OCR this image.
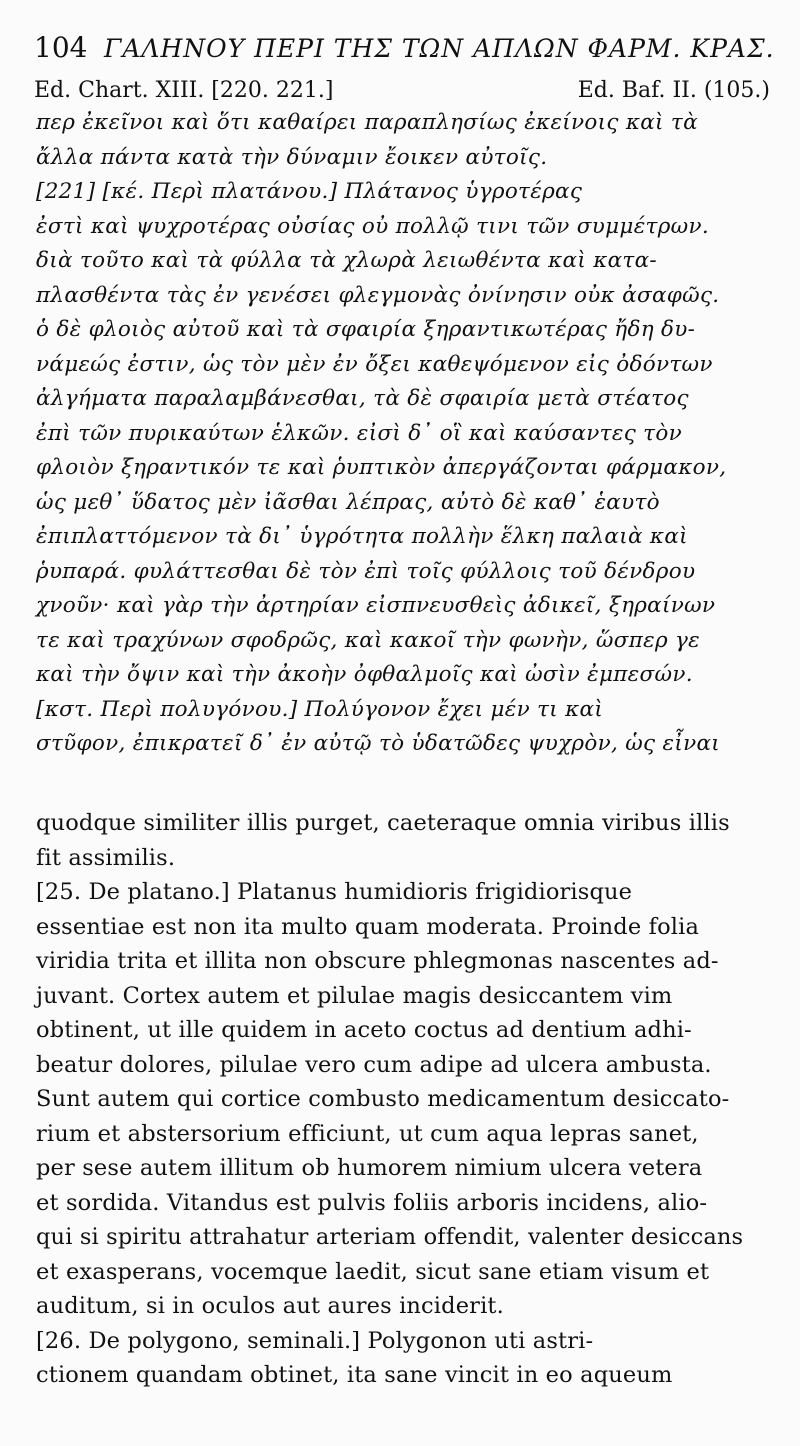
104 ΓΑΛΗΝΟΥ ΠΕΡΙ ΤΗΣ ΤΩΝ ΑΠΛΩΝ ΦΑΡΜ. ΚΡΑΣ.
Ed. Chart. XIII. [220. 221.]	Ed. Baf. II. (105.)
περ ἐκεῖνοι καὶ ὅτι καθαίρει παραπλησίως ἐκείνοις καὶ τὰ
ἄλλα πάντα κατὰ τὴν δύναμιν ἔοικεν αὐτοῖς.
[221] [κέ. Περὶ πλατάνου.] Πλάτανος ὑγροτέρας
ἐστὶ καὶ ψυχροτέρας οὐσίας οὐ πολλῷ τινι τῶν συμμέτρων.
διὰ τοῦτο καὶ τὰ φύλλα τὰ χλωρὰ λειωθέντα καὶ κατα-
πλασθέντα τὰς ἐν γενέσει φλεγμονὰς ὀνίνησιν οὐκ ἀσαφῶς.
ὁ δὲ φλοιὸς αὐτοῦ καὶ τὰ σφαιρία ξηραντικωτέρας ἤδη δυ-
νάμεώς ἐστιν, ὡς τὸν μὲν ἐν ὄξει καθεψόμενον εἰς ὀδόντων
ἀλγήματα παραλαμβάνεσθαι, τὰ δὲ σφαιρία μετὰ στέατος
ἐπὶ τῶν πυρικαύτων ἑλκῶν. εἰσὶ δ᾽ οἳ καὶ καύσαντες τὸν
φλοιὸν ξηραντικόν τε καὶ ῥυπτικὸν ἀπεργάζονται φάρμακον,
ὡς μεθ᾽ ὕδατος μὲν ἰᾶσθαι λέπρας, αὐτὸ δὲ καθ᾽ ἑαυτὸ
ἐπιπλαττόμενον τὰ δι᾽ ὑγρότητα πολλὴν ἕλκη παλαιὰ καὶ
ῥυπαρά. φυλάττεσθαι δὲ τὸν ἐπὶ τοῖς φύλλοις τοῦ δένδρου
χνοῦν· καὶ γὰρ τὴν ἀρτηρίαν εἰσπνευσθεὶς ἀδικεῖ, ξηραίνων
τε καὶ τραχύνων σφοδρῶς, καὶ κακοῖ τὴν φωνὴν, ὥσπερ γε
καὶ τὴν ὄψιν καὶ τὴν ἀκοὴν ὀφθαλμοῖς καὶ ὠσὶν ἐμπεσών.
[κστ. Περὶ πολυγόνου.] Πολύγονον ἔχει μέν τι καὶ
στῦφον, ἐπικρατεῖ δ᾽ ἐν αὐτῷ τὸ ὑδατῶδες ψυχρὸν, ὡς εἶναι
quodque similiter illis purget, caeteraque omnia viribus illis
fit assimilis.
[25. De platano.] Platanus humidioris frigidiorisque
essentiae est non ita multo quam moderata. Proinde folia
viridia trita et illita non obscure phlegmonas nascentes ad-
juvant. Cortex autem et pilulae magis desiccantem vim
obtinent, ut ille quidem in aceto coctus ad dentium adhi-
beatur dolores, pilulae vero cum adipe ad ulcera ambusta.
Sunt autem qui cortice combusto medicamentum desiccato-
rium et abstersorium efficiunt, ut cum aqua lepras sanet,
per sese autem illitum ob humorem nimium ulcera vetera
et sordida. Vitandus est pulvis foliis arboris incidens, alio-
qui si spiritu attrahatur arteriam offendit, valenter desiccans
et exasperans, vocemque laedit, sicut sane etiam visum et
auditum, si in oculos aut aures inciderit.
[26. De polygono, seminali.] Polygonon uti astri-
ctionem quandam obtinet, ita sane vincit in eo aqueum
